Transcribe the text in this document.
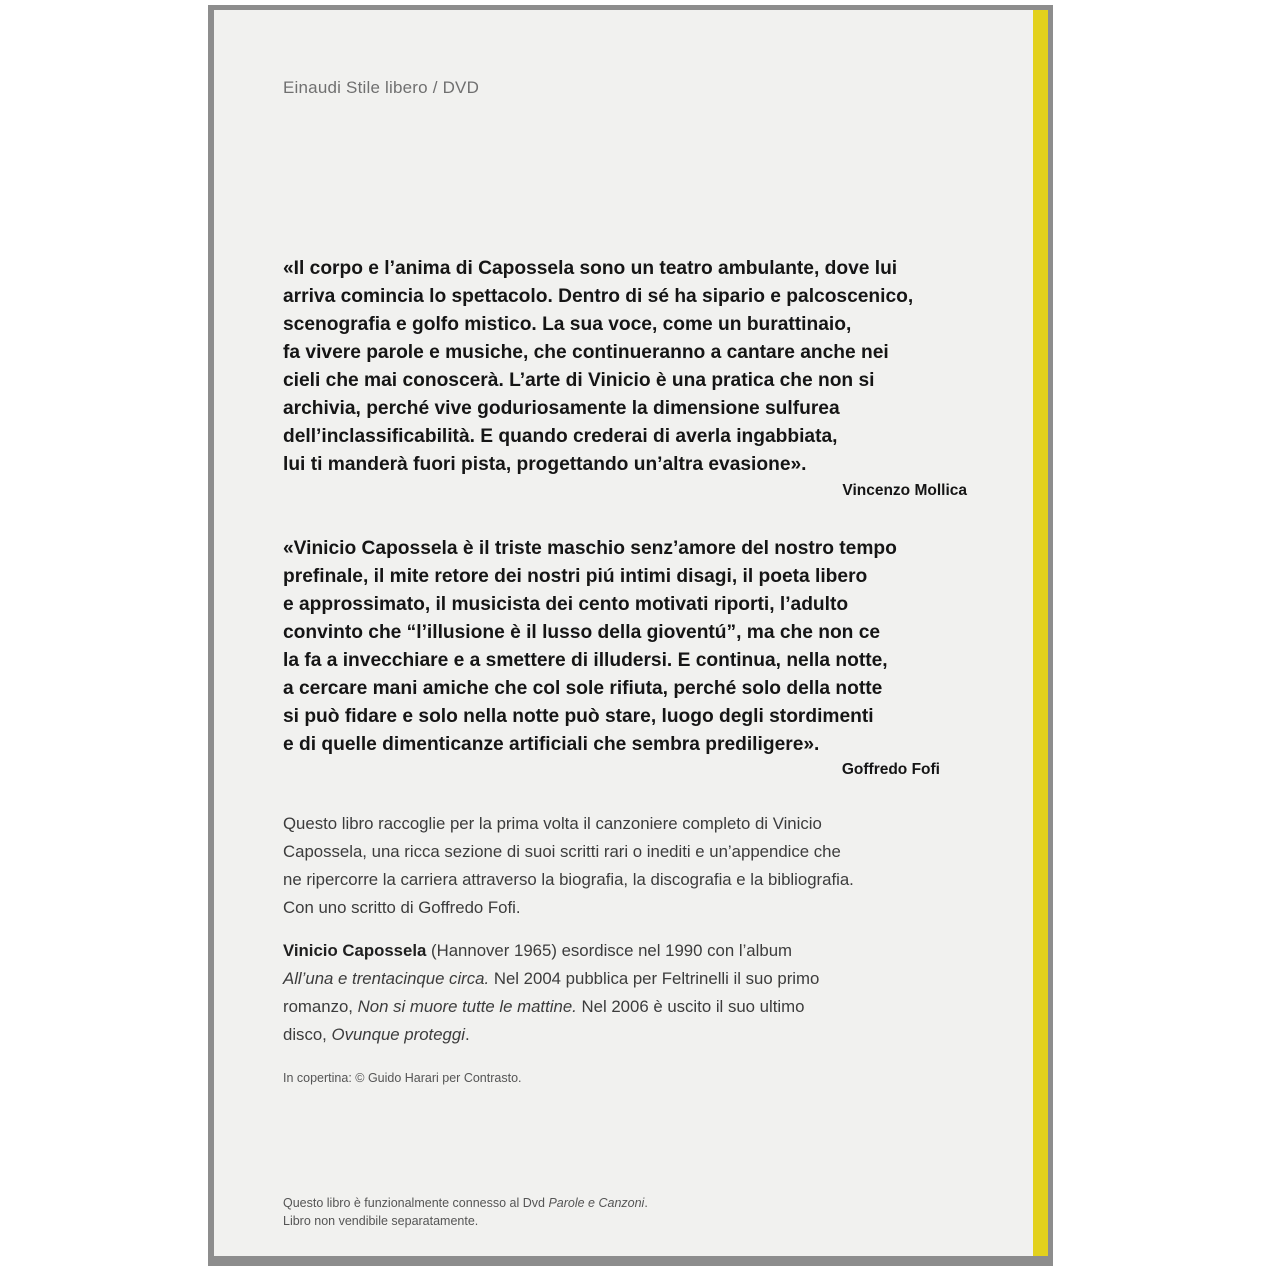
Einaudi Stile libero / DVD
«Il corpo e l’anima di Capossela sono un teatro ambulante, dove lui
arriva comincia lo spettacolo. Dentro di sé ha sipario e palcoscenico,
scenografia e golfo mistico. La sua voce, come un burattinaio,
fa vivere parole e musiche, che continueranno a cantare anche nei
cieli che mai conoscerà. L’arte di Vinicio è una pratica che non si
archivia, perché vive goduriosamente la dimensione sulfurea
dell’inclassificabilità. E quando crederai di averla ingabbiata,
lui ti manderà fuori pista, progettando un’altra evasione».
Vincenzo Mollica
«Vinicio Capossela è il triste maschio senz’amore del nostro tempo
prefinale, il mite retore dei nostri piú intimi disagi, il poeta libero
e approssimato, il musicista dei cento motivati riporti, l’adulto
convinto che “l’illusione è il lusso della gioventú”, ma che non ce
la fa a invecchiare e a smettere di illudersi. E continua, nella notte,
a cercare mani amiche che col sole rifiuta, perché solo della notte
si può fidare e solo nella notte può stare, luogo degli stordimenti
e di quelle dimenticanze artificiali che sembra prediligere».
Goffredo Fofi
Questo libro raccoglie per la prima volta il canzoniere completo di Vinicio
Capossela, una ricca sezione di suoi scritti rari o inediti e un’appendice che
ne ripercorre la carriera attraverso la biografia, la discografia e la bibliografia.
Con uno scritto di Goffredo Fofi.
Vinicio Capossela (Hannover 1965) esordisce nel 1990 con l’album
All’una e trentacinque circa. Nel 2004 pubblica per Feltrinelli il suo primo
romanzo, Non si muore tutte le mattine. Nel 2006 è uscito il suo ultimo
disco, Ovunque proteggi.
In copertina: © Guido Harari per Contrasto.
Questo libro è funzionalmente connesso al Dvd Parole e Canzoni.
Libro non vendibile separatamente.
